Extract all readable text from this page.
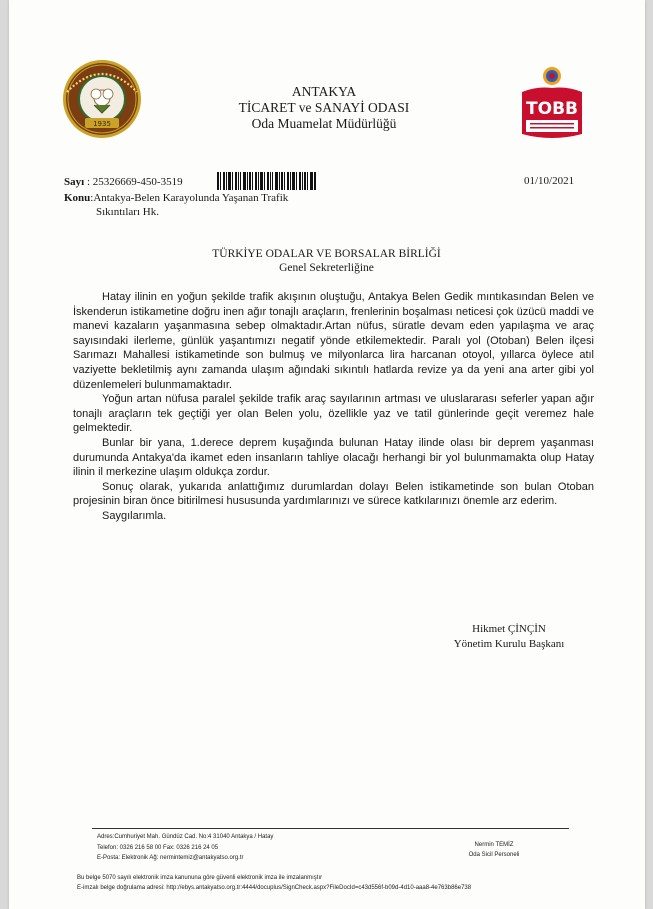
1935
ANTAKYA
TİCARET ve SANAYİ ODASI
Oda Muamelat Müdürlüğü
TOBB
Sayı : 25326669-450-3519	01/10/2021
Konu:Antakya-Belen Karayolunda Yaşanan Trafik
Sıkıntıları Hk.
TÜRKİYE ODALAR VE BORSALAR BİRLİĞİ
Genel Sekreterliğine

Hatay ilinin en yoğun şekilde trafik akışının oluştuğu, Antakya Belen Gedik mıntıkasından Belen ve İskenderun istikametine doğru inen ağır tonajlı araçların, frenlerinin boşalması neticesi çok üzücü maddi ve manevi kazaların yaşanmasına sebep olmaktadır.Artan nüfus, süratle devam eden yapılaşma ve araç sayısındaki ilerleme, günlük yaşantımızı negatif yönde etkilemektedir. Paralı yol (Otoban) Belen ilçesi Sarımazı Mahallesi istikametinde son bulmuş ve milyonlarca lira harcanan otoyol, yıllarca öylece atıl vaziyette bekletilmiş aynı zamanda ulaşım ağındaki sıkıntılı hatlarda revize ya da yeni ana arter gibi yol düzenlemeleri bulunmamaktadır.

Yoğun artan nüfusa paralel şekilde trafik araç sayılarının artması ve uluslararası seferler yapan ağır tonajlı araçların tek geçtiği yer olan Belen yolu, özellikle yaz ve tatil günlerinde geçit veremez hale gelmektedir.

Bunlar bir yana, 1.derece deprem kuşağında bulunan Hatay ilinde olası bir deprem yaşanması durumunda Antakya'da ikamet eden insanların tahliye olacağı herhangi bir yol bulunmamakta olup Hatay ilinin il merkezine ulaşım oldukça zordur.

Sonuç olarak, yukarıda anlattığımız durumlardan dolayı Belen istikametinde son bulan Otoban projesinin biran önce bitirilmesi hususunda yardımlarınızı ve sürece katkılarınızı önemle arz ederim.

Saygılarımla.

Hikmet ÇİNÇİN
Yönetim Kurulu Başkanı
Adres:Cumhuriyet Mah. Gündüz Cad. No:4 31040 Antakya / Hatay
Telefon: 0326 216 58 00 Fax: 0326 216 24 05
E-Posta: Elektronik Ağ: nermintemiz@antakyatso.org.tr
Nermin TEMİZ
Oda Sicil Personeli
Bu belge 5070 sayılı elektronik imza kanununa göre güvenli elektronik imza ile imzalanmıştır
E-imzalı belge doğrulama adresi: http://ebys.antakyatso.org.tr:4444/docuplus/SignCheck.aspx?FileDocId=c43d556f-b09d-4d10-aaa8-4e763b86e738
